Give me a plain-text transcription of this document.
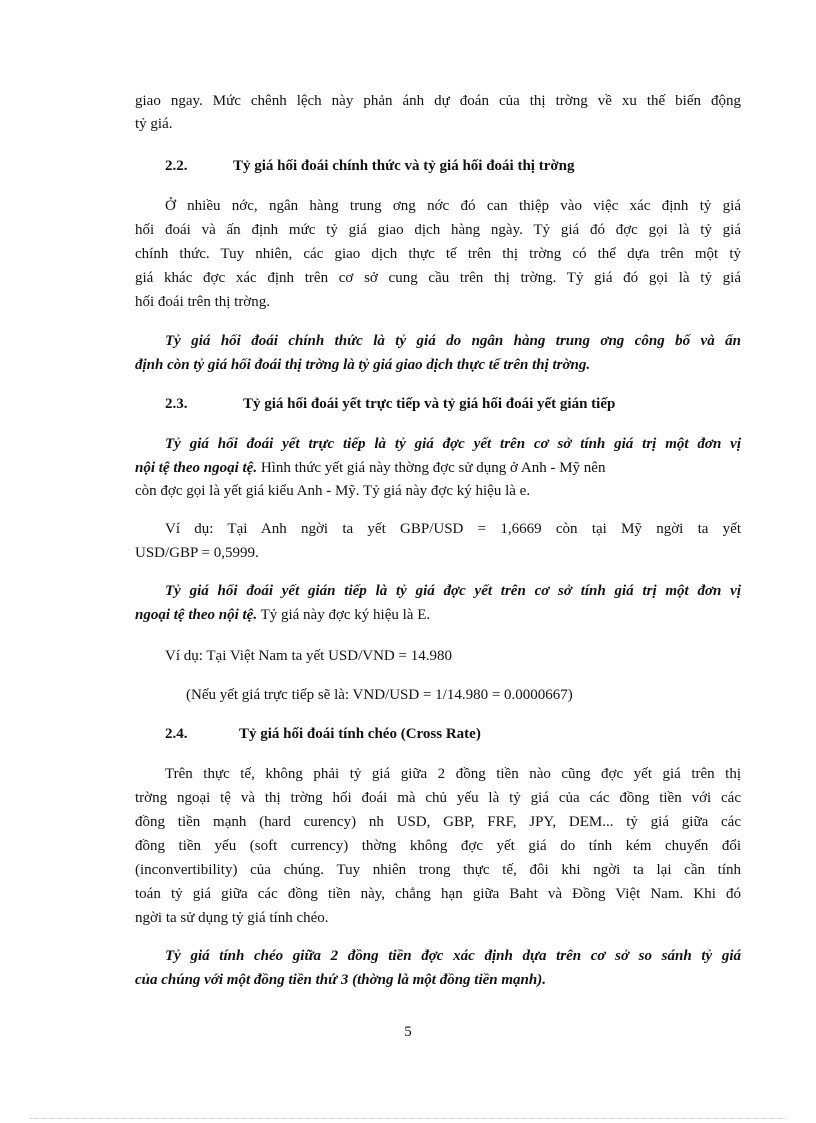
giao ngay. Mức chênh lệch này phản ánh dự đoán của thị trờng về xu thế biến động
tỷ giá.
2.2.	Tỷ giá hối đoái chính thức và tỷ giá hối đoái thị trờng
Ở nhiều nớc, ngân hàng trung ơng nớc đó can thiệp vào việc xác định tỷ giá
hối đoái và ấn định mức tỷ giá giao dịch hàng ngày. Tỷ giá đó đợc gọi là tỷ giá
chính thức. Tuy nhiên, các giao dịch thực tế trên thị trờng có thể dựa trên một tỷ
giá khác đợc xác định trên cơ sở cung cầu trên thị trờng. Tỷ giá đó gọi là tỷ giá
hối đoái trên thị trờng.
Tỷ giá hối đoái chính thức là tỷ giá do ngân hàng trung ơng công bố và ấn
định còn tỷ giá hối đoái thị trờng là tỷ giá giao dịch thực tế trên thị trờng.
2.3.	Tỷ giá hối đoái yết trực tiếp và tỷ giá hối đoái yết gián tiếp
Tỷ giá hối đoái yết trực tiếp là tỷ giá đợc yết trên cơ sở tính giá trị một đơn vị
nội tệ theo ngoại tệ. Hình thức yết giá này thờng đợc sử dụng ở Anh - Mỹ nên
còn đợc gọi là yết giá kiểu Anh - Mỹ. Tỷ giá này đợc ký hiệu là e.
Ví dụ: Tại Anh ngời ta yết GBP/USD = 1,6669 còn tại Mỹ ngời ta yết
USD/GBP = 0,5999.
Tỷ giá hối đoái yết gián tiếp là tỷ giá đợc yết trên cơ sở tính giá trị một đơn vị
ngoại tệ theo nội tệ. Tỷ giá này đợc ký hiệu là E.
Ví dụ: Tại Việt Nam ta yết USD/VND = 14.980
(Nếu yết giá trực tiếp sẽ là: VND/USD = 1/14.980 = 0.0000667)
2.4.	Tỷ giá hối đoái tính chéo (Cross Rate)
Trên thực tế, không phải tỷ giá giữa 2 đồng tiền nào cũng đợc yết giá trên thị
trờng ngoại tệ và thị trờng hối đoái mà chủ yếu là tỷ giá của các đồng tiền với các
đồng tiền mạnh (hard curency) nh USD, GBP, FRF, JPY, DEM... tỷ giá giữa các
đồng tiền yếu (soft currency) thờng không đợc yết giá do tính kém chuyển đổi
(inconvertibility) của chúng. Tuy nhiên trong thực tế, đôi khi ngời ta lại cần tính
toán tỷ giá giữa các đồng tiền này, chẳng hạn giữa Baht và Đồng Việt Nam. Khi đó
ngời ta sử dụng tỷ giá tính chéo.
Tỷ giá tính chéo giữa 2 đồng tiền đợc xác định dựa trên cơ sở so sánh tỷ giá
của chúng với một đồng tiền thứ 3 (thờng là một đồng tiền mạnh).
5
